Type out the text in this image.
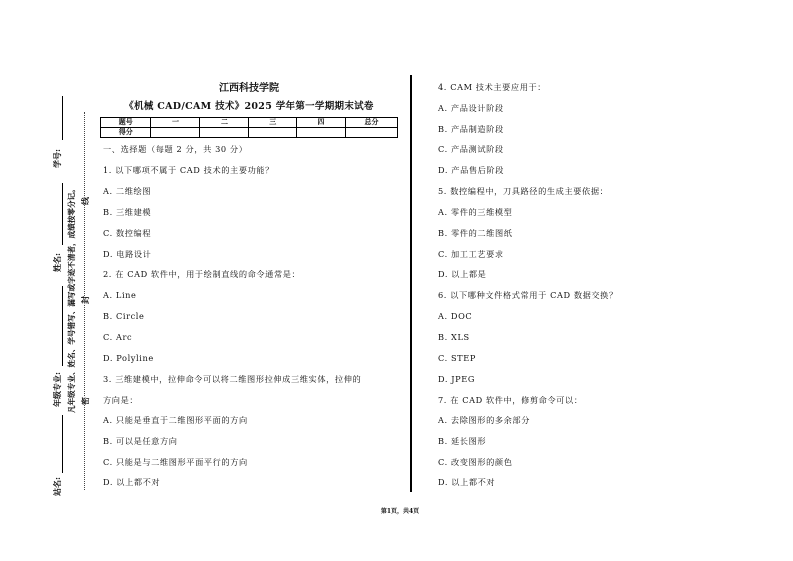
学号:
姓名:
年级专业:
站名:
凡年级专业、姓名、学号错写、漏写或字迹不清者，成绩按零分记。 线
封
密
江西科技学院
《机械 CAD/CAM 技术》2025 学年第一学期期末试卷
题号	一	二	三	四	总分
得分					
一、选择题（每题 2 分，共 30 分）
1. 以下哪项不属于 CAD 技术的主要功能？
A. 二维绘图
B. 三维建模
C. 数控编程
D. 电路设计
2. 在 CAD 软件中，用于绘制直线的命令通常是：
A. Line
B. Circle
C. Arc
D. Polyline
3. 三维建模中，拉伸命令可以将二维图形拉伸成三维实体，拉伸的
方向是：
A. 只能是垂直于二维图形平面的方向
B. 可以是任意方向
C. 只能是与二维图形平面平行的方向
D. 以上都不对
4. CAM 技术主要应用于：
A. 产品设计阶段
B. 产品制造阶段
C. 产品测试阶段
D. 产品售后阶段
5. 数控编程中，刀具路径的生成主要依据：
A. 零件的三维模型
B. 零件的二维图纸
C. 加工工艺要求
D. 以上都是
6. 以下哪种文件格式常用于 CAD 数据交换？
A. DOC
B. XLS
C. STEP
D. JPEG
7. 在 CAD 软件中，修剪命令可以：
A. 去除图形的多余部分
B. 延长图形
C. 改变图形的颜色
D. 以上都不对
第1页，共4页
